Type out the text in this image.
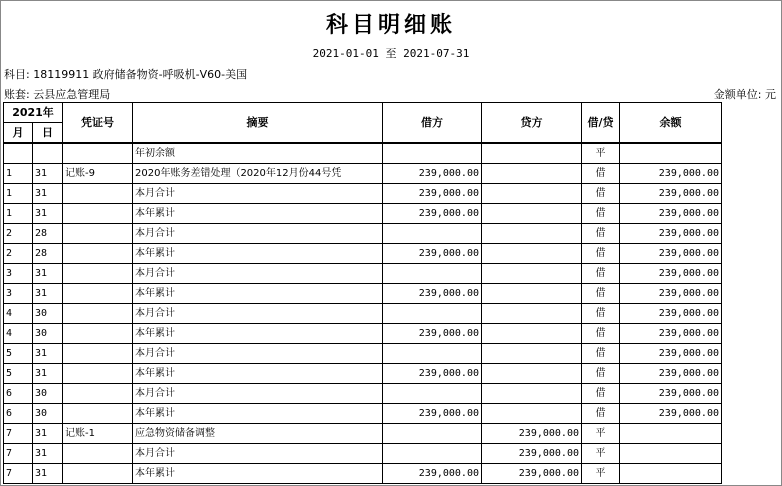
科目明细账
2021-01-01 至 2021-07-31
科目: 18119911 政府储备物资-呼吸机-V60-美国
账套: 云县应急管理局	金额单位: 元
2021年		凭证号	摘要	借方	贷方	借/贷	余额
月	日						
			年初余额			平	
1	31	记账-9	2020年账务差错处理（2020年12月份44号凭	239,000.00		借	239,000.00
1	31		本月合计	239,000.00		借	239,000.00
1	31		本年累计	239,000.00		借	239,000.00
2	28		本月合计			借	239,000.00
2	28		本年累计	239,000.00		借	239,000.00
3	31		本月合计			借	239,000.00
3	31		本年累计	239,000.00		借	239,000.00
4	30		本月合计			借	239,000.00
4	30		本年累计	239,000.00		借	239,000.00
5	31		本月合计			借	239,000.00
5	31		本年累计	239,000.00		借	239,000.00
6	30		本月合计			借	239,000.00
6	30		本年累计	239,000.00		借	239,000.00
7	31	记账-1	应急物资储备调整		239,000.00	平	
7	31		本月合计		239,000.00	平	
7	31		本年累计	239,000.00	239,000.00	平	
